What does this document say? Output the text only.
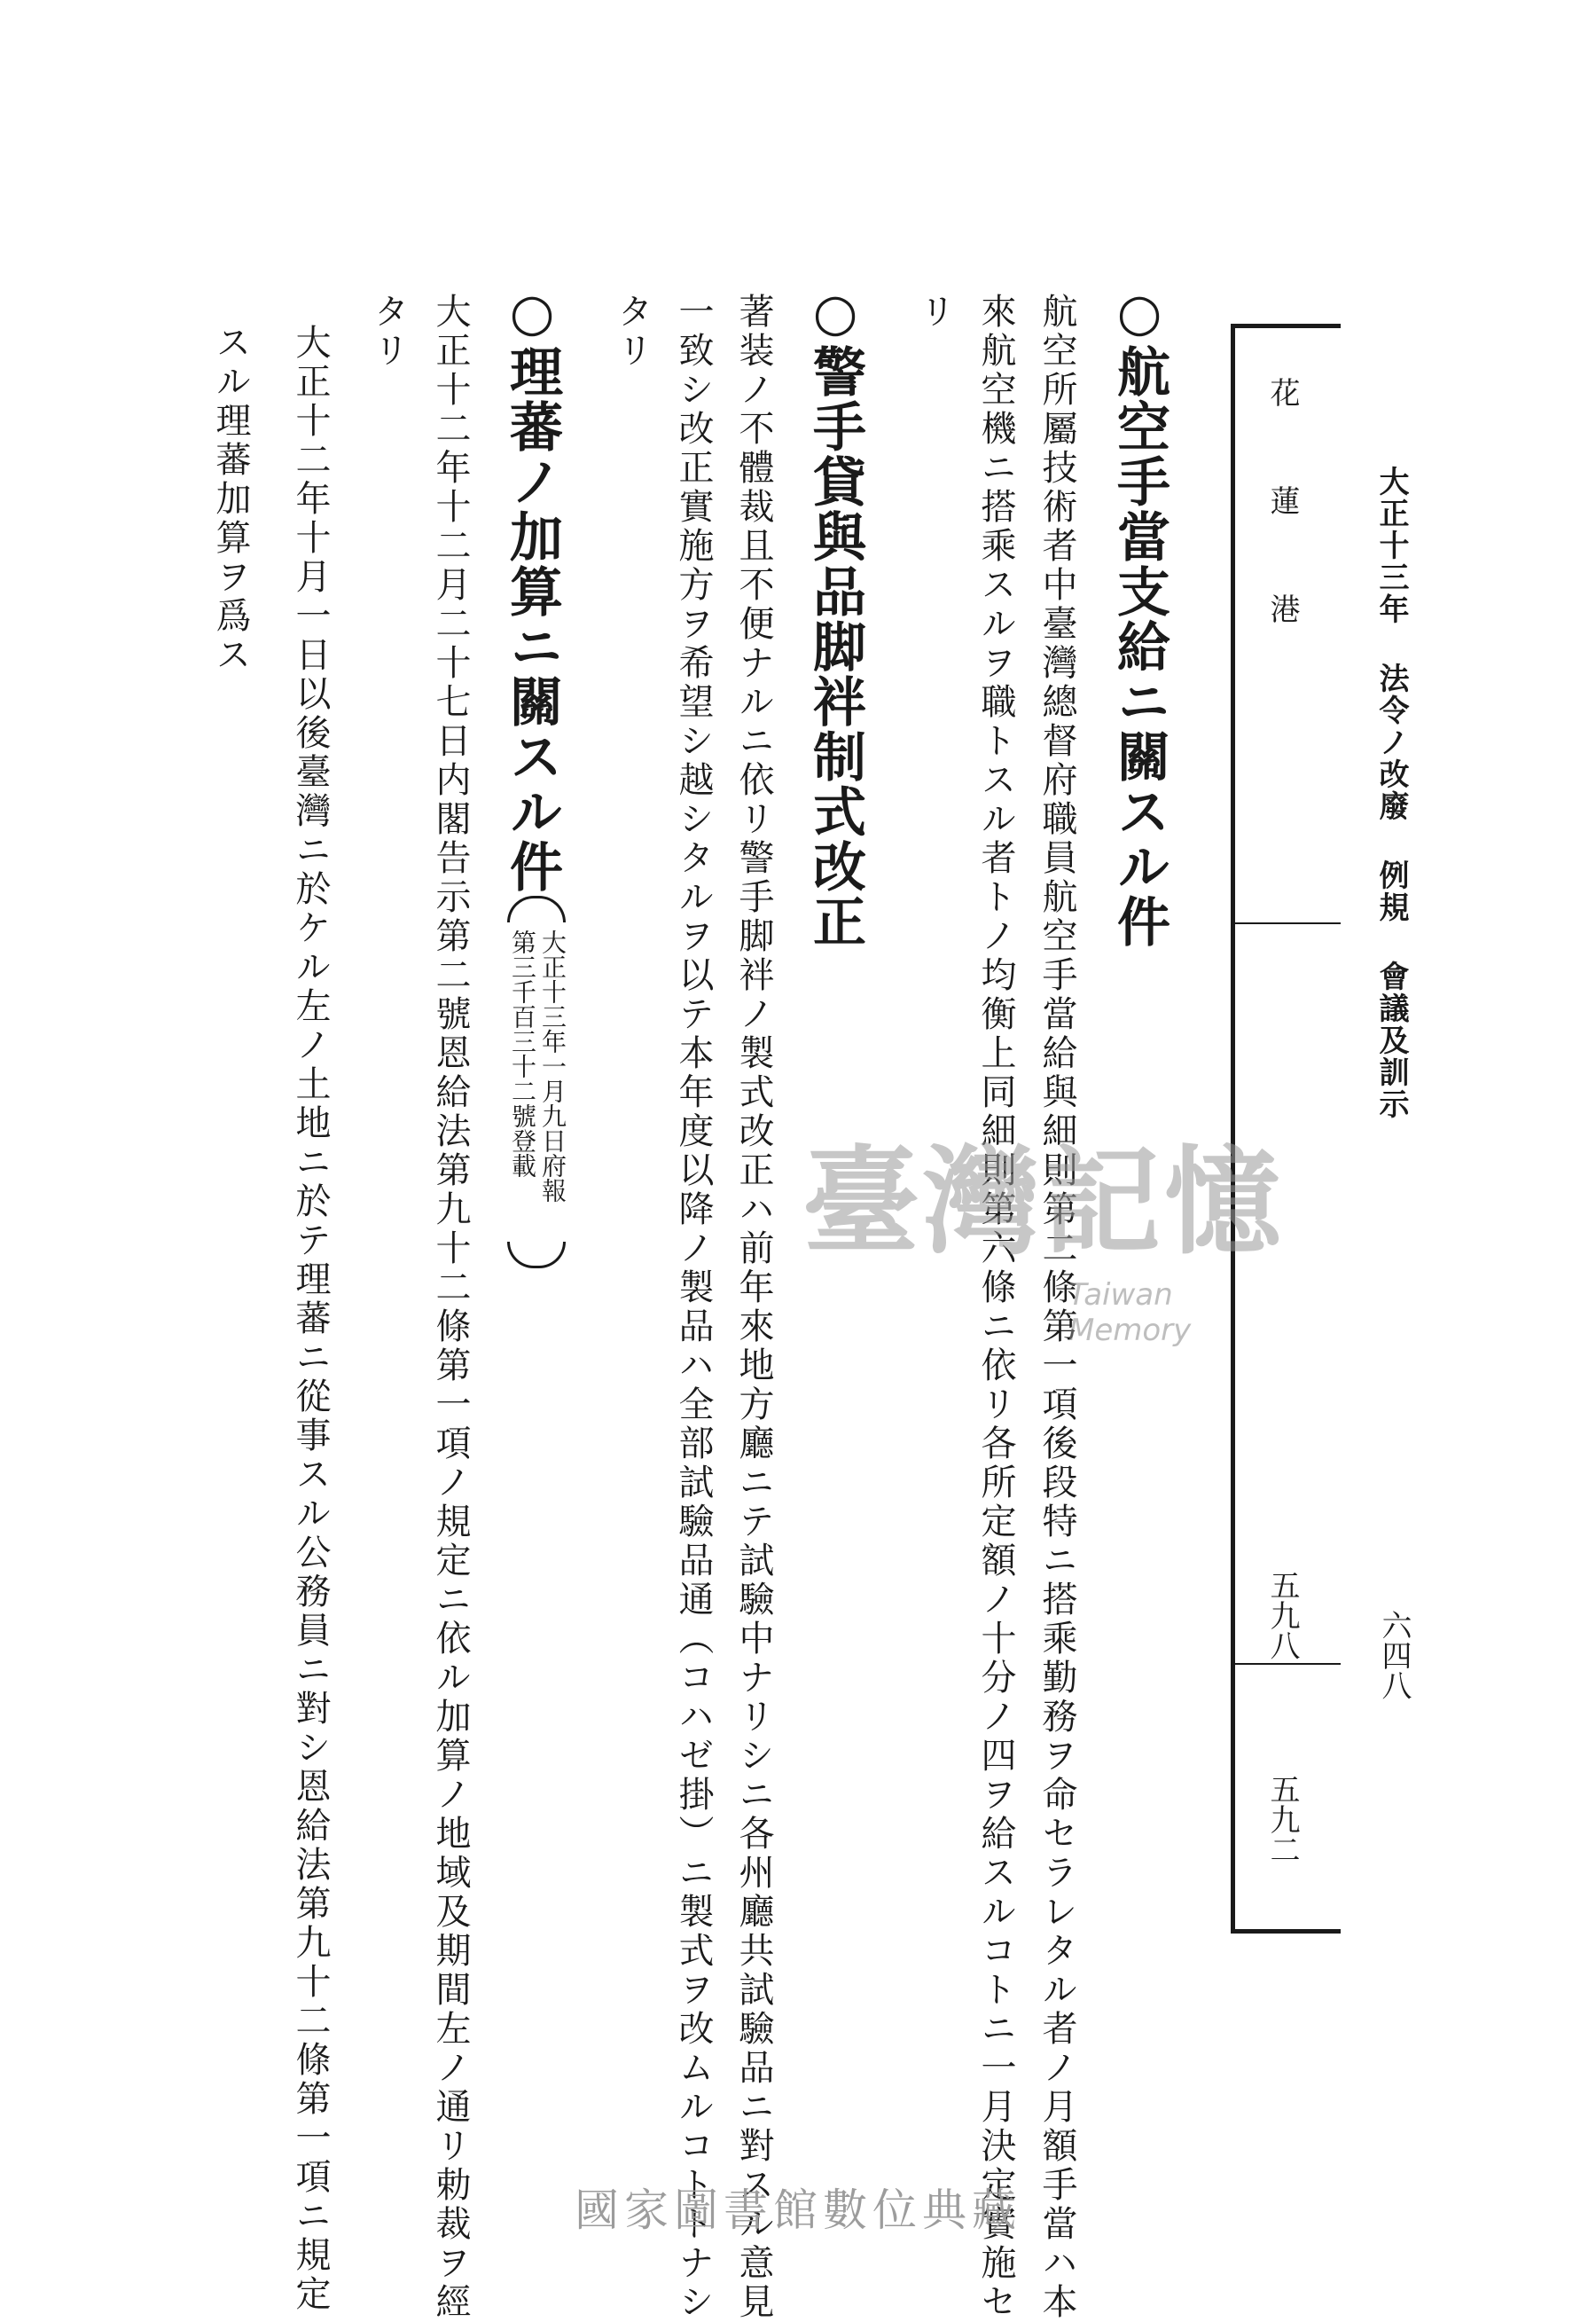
大正十三年 法令ノ改廢 例規 會議及訓示
六四八
花蓮港
五九八
五九二
○航空手當支給ニ關スル件
航空所屬技術者中臺灣總督府職員航空手當給與細則第二條第一項後段特ニ搭乘勤務ヲ命セラレタル者ノ月額手當ハ本
來航空機ニ搭乘スルヲ職トスル者トノ均衡上同細則第六條ニ依リ各所定額ノ十分ノ四ヲ給スルコトニ一月決定實施セ
リ
○警手貸與品脚袢制式改正
著装ノ不體裁且不便ナルニ依リ警手脚袢ノ製式改正ハ前年來地方廳ニテ試驗中ナリシニ各州廳共試驗品ニ對スル意見
一致シ改正實施方ヲ希望シ越シタルヲ以テ本年度以降ノ製品ハ全部試驗品通（コハゼ掛）ニ製式ヲ改ムルコトトナシ
タリ
○理蕃ノ加算ニ關スル件
大正十三年一月九日府報
第三千百三十二號登載
大正十二年十二月二十七日内閣告示第二號恩給法第九十二條第一項ノ規定ニ依ル加算ノ地域及期間左ノ通リ勅裁ヲ經
タリ
大正十二年十月一日以後臺灣ニ於ケル左ノ土地ニ於テ理蕃ニ從事スル公務員ニ對シ恩給法第九十二條第一項ニ規定
スル理蕃加算ヲ爲ス
臺灣記憶
Taiwan Memory
國家圖書館數位典藏
